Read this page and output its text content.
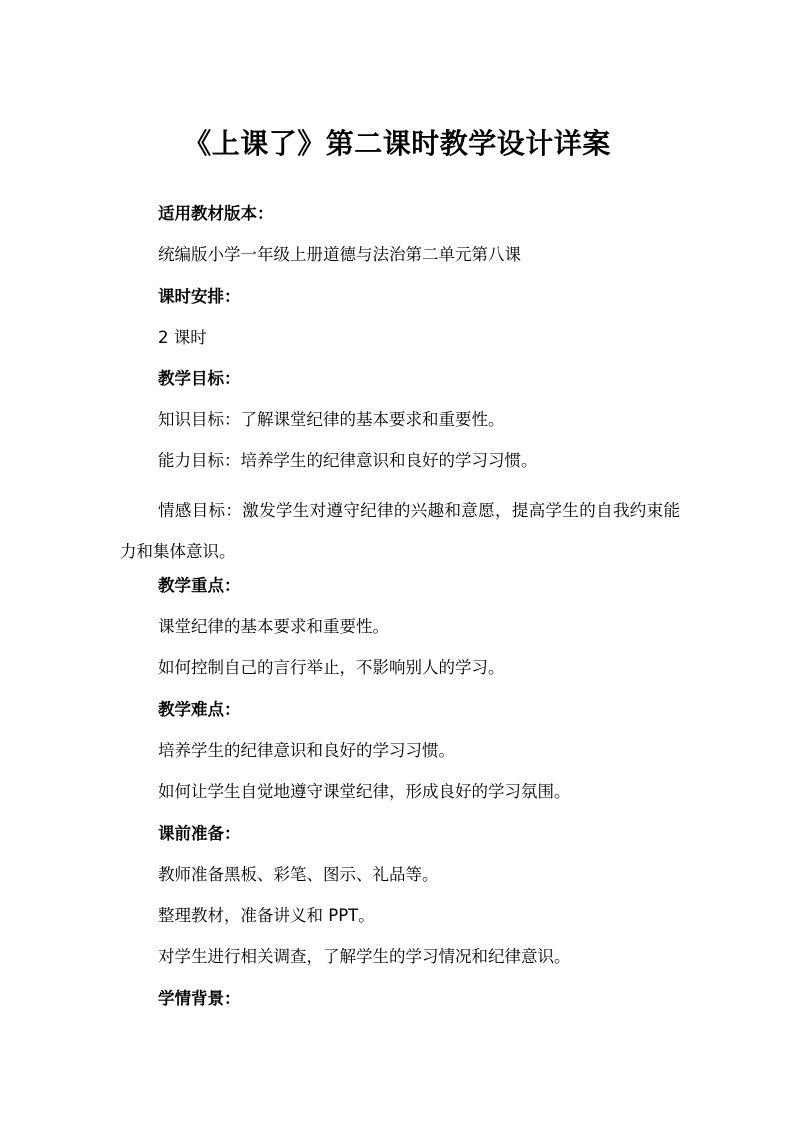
《上课了》第二课时教学设计详案
适用教材版本：
统编版小学一年级上册道德与法治第二单元第八课
课时安排：
2 课时
教学目标：
知识目标：了解课堂纪律的基本要求和重要性。
能力目标：培养学生的纪律意识和良好的学习习惯。
情感目标：激发学生对遵守纪律的兴趣和意愿，提高学生的自我约束能力和集体意识。
教学重点：
课堂纪律的基本要求和重要性。
如何控制自己的言行举止，不影响别人的学习。
教学难点：
培养学生的纪律意识和良好的学习习惯。
如何让学生自觉地遵守课堂纪律，形成良好的学习氛围。
课前准备：
教师准备黑板、彩笔、图示、礼品等。
整理教材，准备讲义和 PPT。
对学生进行相关调查，了解学生的学习情况和纪律意识。
学情背景：
